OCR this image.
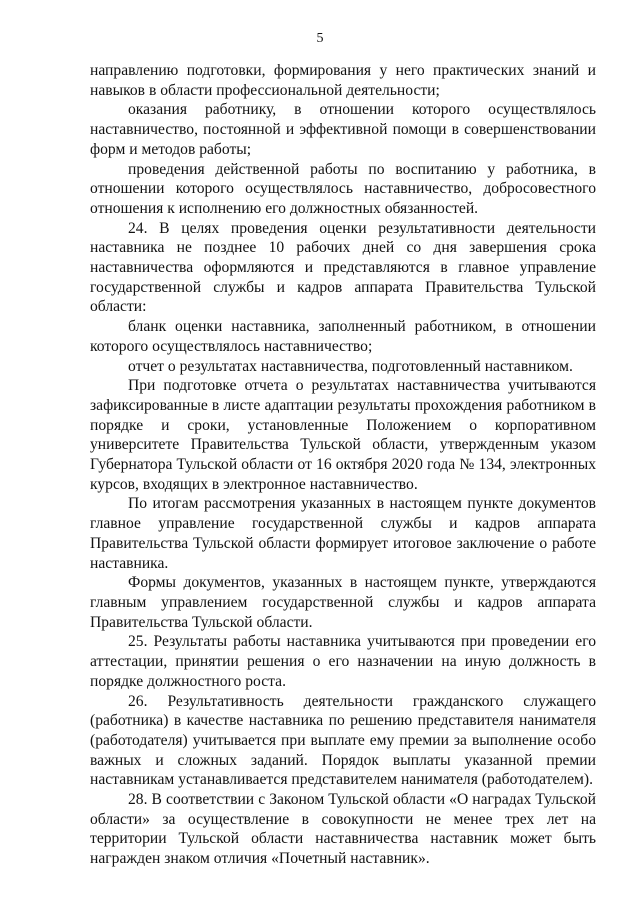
5

направлению подготовки, формирования у него практических знаний и навыков в области профессиональной деятельности;

оказания работнику, в отношении которого осуществлялось наставничество, постоянной и эффективной помощи в совершенствовании форм и методов работы;

проведения действенной работы по воспитанию у работника, в отношении которого осуществлялось наставничество, добросовестного отношения к исполнению его должностных обязанностей.

24. В целях проведения оценки результативности деятельности наставника не позднее 10 рабочих дней со дня завершения срока наставничества оформляются и представляются в главное управление государственной службы и кадров аппарата Правительства Тульской области:

бланк оценки наставника, заполненный работником, в отношении которого осуществлялось наставничество;

отчет о результатах наставничества, подготовленный наставником.

При подготовке отчета о результатах наставничества учитываются зафиксированные в листе адаптации результаты прохождения работником в порядке и сроки, установленные Положением о корпоративном университете Правительства Тульской области, утвержденным указом Губернатора Тульской области от 16 октября 2020 года № 134, электронных курсов, входящих в электронное наставничество.

По итогам рассмотрения указанных в настоящем пункте документов главное управление государственной службы и кадров аппарата Правительства Тульской области формирует итоговое заключение о работе наставника.

Формы документов, указанных в настоящем пункте, утверждаются главным управлением государственной службы и кадров аппарата Правительства Тульской области.

25. Результаты работы наставника учитываются при проведении его аттестации, принятии решения о его назначении на иную должность в порядке должностного роста.

26. Результативность деятельности гражданского служащего (работника) в качестве наставника по решению представителя нанимателя (работодателя) учитывается при выплате ему премии за выполнение особо важных и сложных заданий. Порядок выплаты указанной премии наставникам устанавливается представителем нанимателя (работодателем).

28. В соответствии с Законом Тульской области «О наградах Тульской области» за осуществление в совокупности не менее трех лет на территории Тульской области наставничества наставник может быть награжден знаком отличия «Почетный наставник».
